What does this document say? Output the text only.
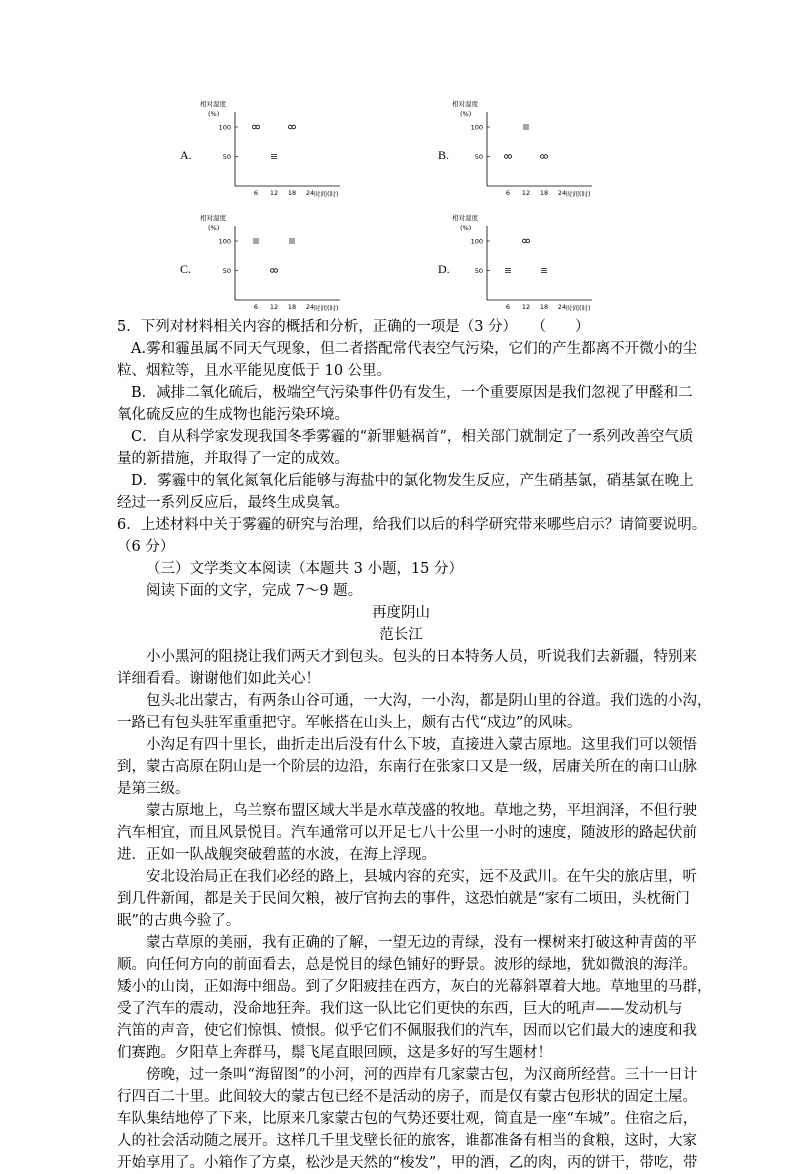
A.
相对湿度
(%)
100
50
6 12 18 24 时间(时)
B.
相对湿度
(%)
100
50
6 12 18 24 时间(时)
C.
相对湿度
(%)
100
50
6 12 18 24 时间(时)
D.
相对湿度
(%)
100
50
6 12 18 24 时间(时)

5．下列对材料相关内容的概括和分析，正确的一项是（3 分）　　（　　）

A.雾和霾虽属不同天气现象，但二者搭配常代表空气污染，它们的产生都离不开微小的尘

粒、烟粒等，且水平能见度低于 10 公里。

B．减排二氧化硫后，极端空气污染事件仍有发生，一个重要原因是我们忽视了甲醛和二

氧化硫反应的生成物也能污染环境。

C．自从科学家发现我国冬季雾霾的“新罪魁祸首”，相关部门就制定了一系列改善空气质

量的新措施，并取得了一定的成效。

D．雾霾中的氧化氮氧化后能够与海盐中的氯化物发生反应，产生硝基氯，硝基氯在晚上

经过一系列反应后，最终生成臭氧。

6．上述材料中关于雾霾的研究与治理，给我们以后的科学研究带来哪些启示？请简要说明。

（6 分）

（三）文学类文本阅读（本题共 3 小题，15 分）

阅读下面的文字，完成 7～9 题。

再度阴山

范长江

小小黑河的阻挠让我们两天才到包头。包头的日本特务人员，听说我们去新疆，特别来

详细看看。谢谢他们如此关心！

包头北出蒙古，有两条山谷可通，一大沟，一小沟，都是阴山里的谷道。我们选的小沟，

一路已有包头驻军重重把守。军帐搭在山头上，颇有古代“戍边”的风味。

小沟足有四十里长，曲折走出后没有什么下坡，直接进入蒙古原地。这里我们可以领悟

到，蒙古高原在阴山是一个阶层的边沿，东南行在张家口又是一级，居庸关所在的南口山脉

是第三级。

蒙古原地上，乌兰察布盟区域大半是水草茂盛的牧地。草地之势，平坦润泽，不但行驶

汽车相宜，而且风景悦目。汽车通常可以开足七八十公里一小时的速度，随波形的路起伏前

进．正如一队战舰突破碧蓝的水波，在海上浮现。

安北设治局正在我们必经的路上，县城内容的充实，远不及武川。在午尖的旅店里，听

到几件新闻，都是关于民间欠粮，被厅官拘去的事件，这恐怕就是“家有二顷田，头枕衙门

眠”的古典今验了。

蒙古草原的美丽，我有正确的了解，一望无边的青绿，没有一棵树来打破这种青茵的平

顺。向任何方向的前面看去，总是悦目的绿色铺好的野景。波形的绿地，犹如微浪的海洋。

矮小的山岗，正如海中细岛。到了夕阳疲挂在西方，灰白的光幕斜罩着大地。草地里的马群，

受了汽车的震动，没命地狂奔。我们这一队比它们更快的东西，巨大的吼声——发动机与

汽笛的声音，使它们惊惧、愤恨。似乎它们不佩服我们的汽车，因而以它们最大的速度和我

们赛跑。夕阳草上奔群马，鬃飞尾直眼回顾，这是多好的写生题材！

傍晚，过一条叫“海留图”的小河，河的西岸有几家蒙古包，为汉商所经营。三十一日计

行四百二十里。此间较大的蒙古包已经不是活动的房子，而是仅有蒙古包形状的固定土屋。

车队集结地停了下来，比原来几家蒙古包的气势还要壮观，简直是一座“车城”。住宿之后，

人的社会活动随之展开。这样几千里戈壁长征的旅客，谁都准备有相当的食粮，这时，大家

开始享用了。小箱作了方桌，松沙是天然的“梭发”，甲的酒，乙的肉，丙的饼干，带吃，带
